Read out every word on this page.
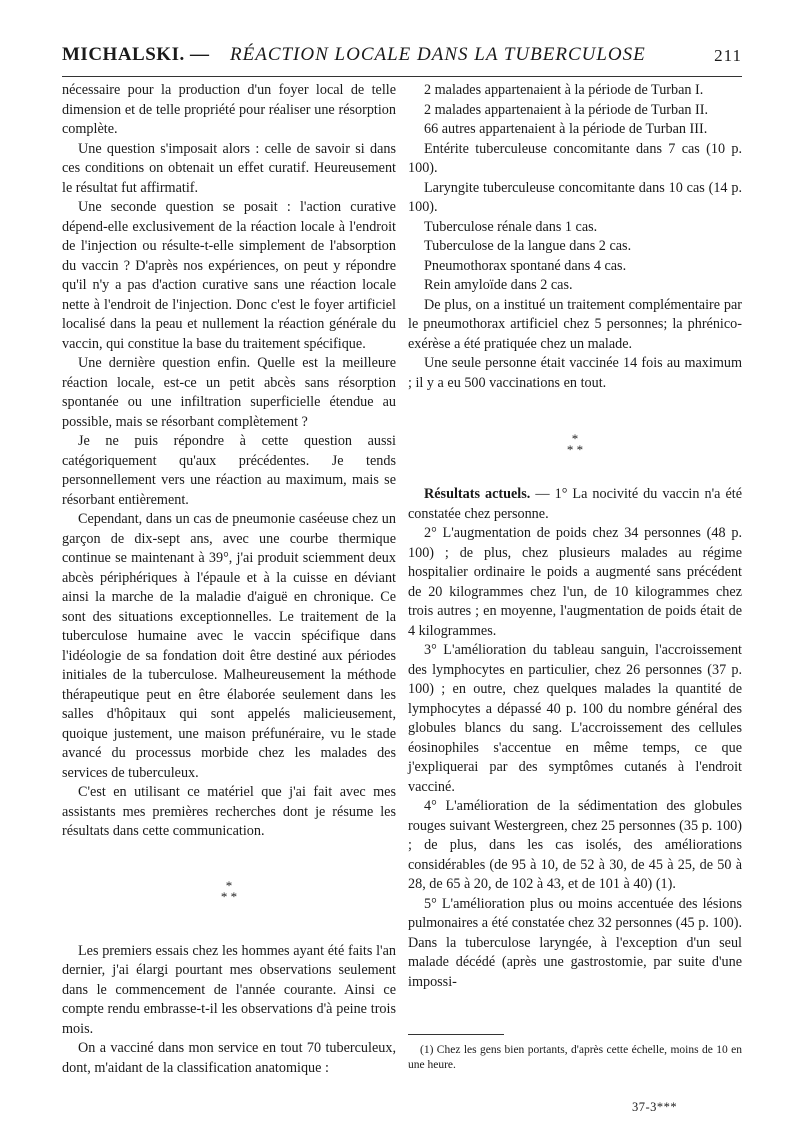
MICHALSKI. — RÉACTION LOCALE DANS LA TUBERCULOSE	211

nécessaire pour la production d'un foyer local de telle dimension et de telle propriété pour réaliser une résorption complète.

Une question s'imposait alors : celle de savoir si dans ces conditions on obtenait un effet curatif. Heureusement le résultat fut affirmatif.

Une seconde question se posait : l'action curative dépend-elle exclusivement de la réaction locale à l'endroit de l'injection ou résulte-t-elle simplement de l'absorption du vaccin ? D'après nos expériences, on peut y répondre qu'il n'y a pas d'action curative sans une réaction locale nette à l'endroit de l'injection. Donc c'est le foyer artificiel localisé dans la peau et nullement la réaction générale du vaccin, qui constitue la base du traitement spécifique.

Une dernière question enfin. Quelle est la meilleure réaction locale, est-ce un petit abcès sans résorption spontanée ou une infiltration superficielle étendue au possible, mais se résorbant complètement ?

Je ne puis répondre à cette question aussi catégoriquement qu'aux précédentes. Je tends personnellement vers une réaction au maximum, mais se résorbant entièrement.

Cependant, dans un cas de pneumonie caséeuse chez un garçon de dix-sept ans, avec une courbe thermique continue se maintenant à 39°, j'ai produit sciemment deux abcès périphériques à l'épaule et à la cuisse en déviant ainsi la marche de la maladie d'aiguë en chronique. Ce sont des situations exceptionnelles. Le traitement de la tuberculose humaine avec le vaccin spécifique dans l'idéologie de sa fondation doit être destiné aux périodes initiales de la tuberculose. Malheureusement la méthode thérapeutique peut en être élaborée seulement dans les salles d'hôpitaux qui sont appelés malicieusement, quoique justement, une maison préfunéraire, vu le stade avancé du processus morbide chez les malades des services de tuberculeux.

C'est en utilisant ce matériel que j'ai fait avec mes assistants mes premières recherches dont je résume les résultats dans cette communication.

*
* *

Les premiers essais chez les hommes ayant été faits l'an dernier, j'ai élargi pourtant mes observations seulement dans le commencement de l'année courante. Ainsi ce compte rendu embrasse-t-il les observations d'à peine trois mois.

On a vacciné dans mon service en tout 70 tuberculeux, dont, m'aidant de la classification anatomique :

2 malades appartenaient à la période de Turban I.

2 malades appartenaient à la période de Turban II.

66 autres appartenaient à la période de Turban III.

Entérite tuberculeuse concomitante dans 7 cas (10 p. 100).

Laryngite tuberculeuse concomitante dans 10 cas (14 p. 100).

Tuberculose rénale dans 1 cas.

Tuberculose de la langue dans 2 cas.

Pneumothorax spontané dans 4 cas.

Rein amyloïde dans 2 cas.

De plus, on a institué un traitement complémentaire par le pneumothorax artificiel chez 5 personnes; la phrénico-exérèse a été pratiquée chez un malade.

Une seule personne était vaccinée 14 fois au maximum ; il y a eu 500 vaccinations en tout.

*
* *

Résultats actuels. — 1° La nocivité du vaccin n'a été constatée chez personne.

2° L'augmentation de poids chez 34 personnes (48 p. 100) ; de plus, chez plusieurs malades au régime hospitalier ordinaire le poids a augmenté sans précédent de 20 kilogrammes chez l'un, de 10 kilogrammes chez trois autres ; en moyenne, l'augmentation de poids était de 4 kilogrammes.

3° L'amélioration du tableau sanguin, l'accroissement des lymphocytes en particulier, chez 26 personnes (37 p. 100) ; en outre, chez quelques malades la quantité de lymphocytes a dépassé 40 p. 100 du nombre général des globules blancs du sang. L'accroissement des cellules éosinophiles s'accentue en même temps, ce que j'expliquerai par des symptômes cutanés à l'endroit vacciné.

4° L'amélioration de la sédimentation des globules rouges suivant Westergreen, chez 25 personnes (35 p. 100) ; de plus, dans les cas isolés, des améliorations considérables (de 95 à 10, de 52 à 30, de 45 à 25, de 50 à 28, de 65 à 20, de 102 à 43, et de 101 à 40) (1).

5° L'amélioration plus ou moins accentuée des lésions pulmonaires a été constatée chez 32 personnes (45 p. 100). Dans la tuberculose laryngée, à l'exception d'un seul malade décédé (après une gastrostomie, par suite d'une impossi-

(1) Chez les gens bien portants, d'après cette échelle, moins de 10 en une heure.

37-3***
